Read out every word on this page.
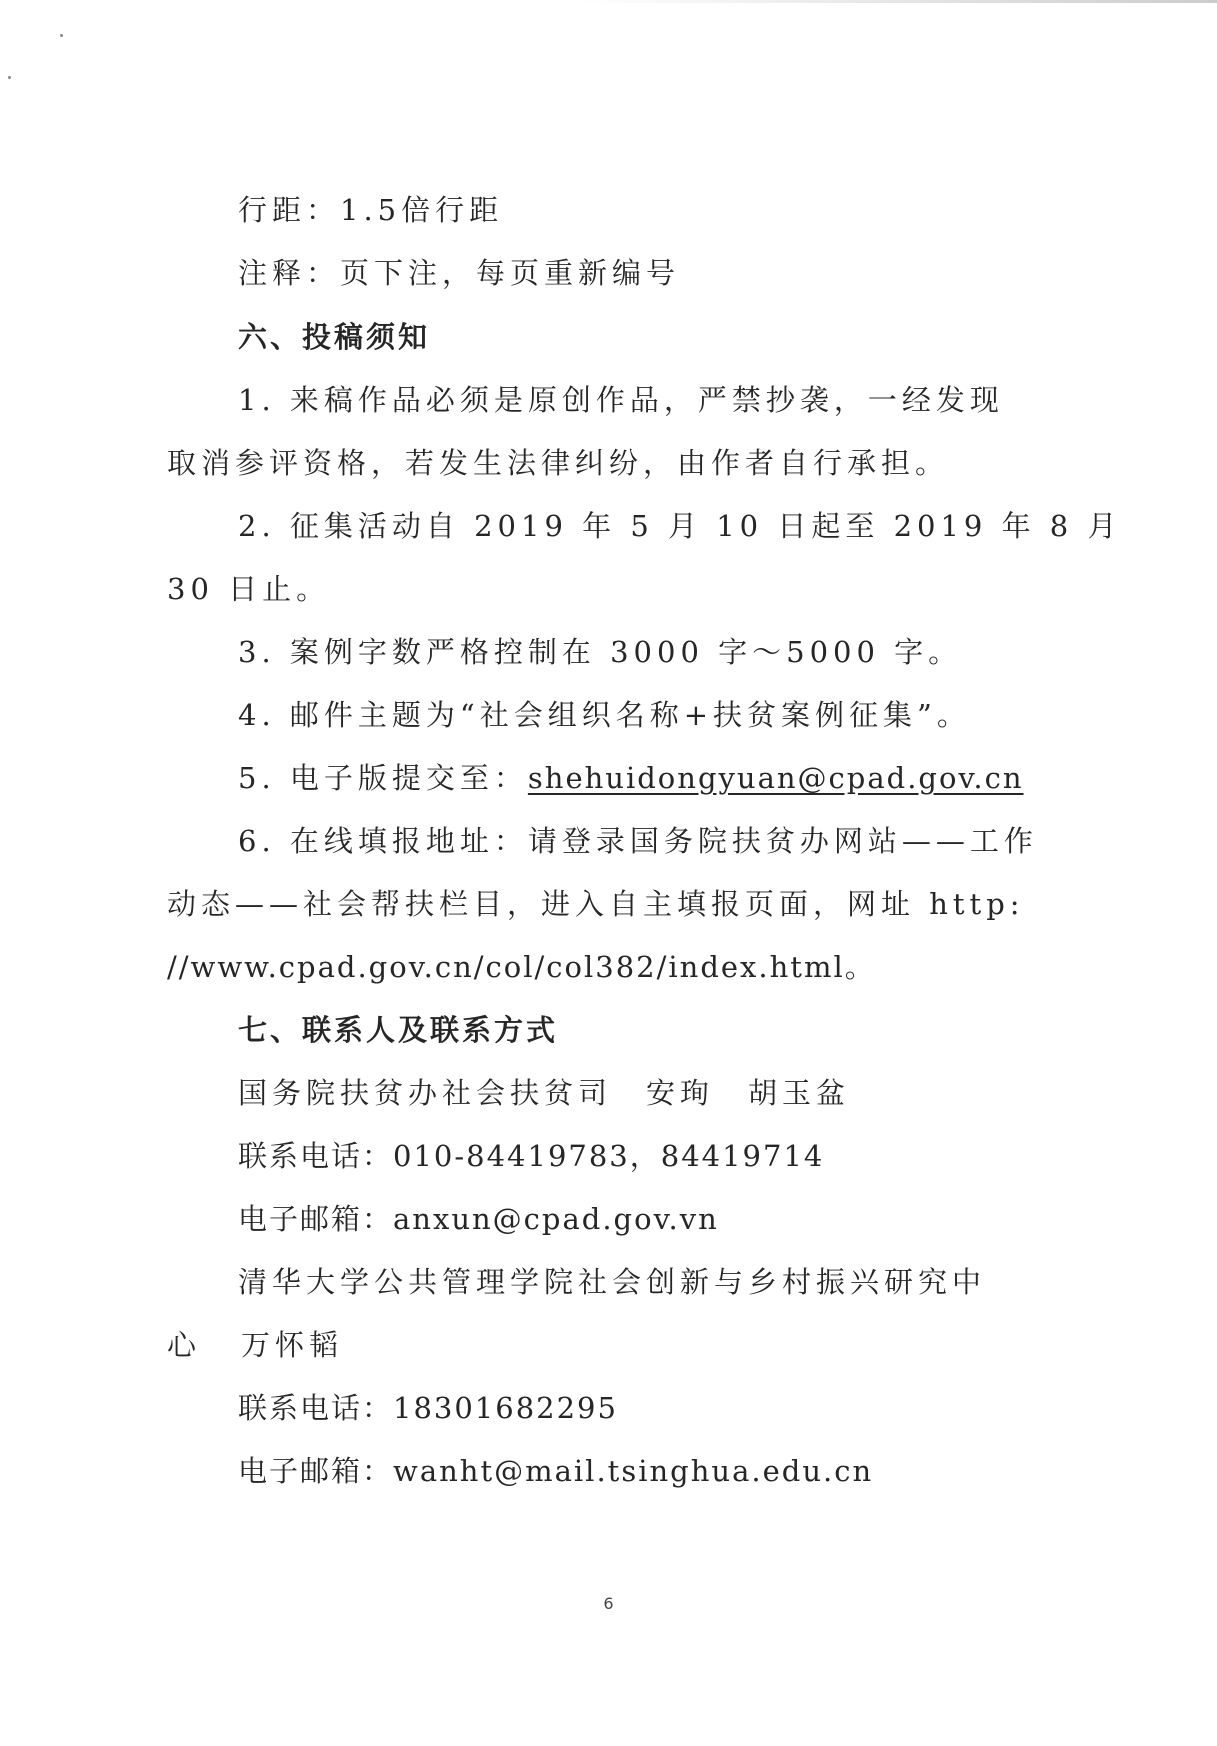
行距：1.5倍行距
注释：页下注，每页重新编号
六、投稿须知
1. 来稿作品必须是原创作品，严禁抄袭，一经发现
取消参评资格，若发生法律纠纷，由作者自行承担。
2. 征集活动自 2019 年 5 月 10 日起至 2019 年 8 月
30 日止。
3. 案例字数严格控制在 3000 字～5000 字。
4. 邮件主题为“社会组织名称+扶贫案例征集”。
5. 电子版提交至：shehuidongyuan@cpad.gov.cn
6. 在线填报地址：请登录国务院扶贫办网站——工作
动态——社会帮扶栏目，进入自主填报页面，网址 http:
//www.cpad.gov.cn/col/col382/index.html。
七、联系人及联系方式
国务院扶贫办社会扶贫司 安珣 胡玉盆
联系电话：010-84419783，84419714
电子邮箱：anxun@cpad.gov.vn
清华大学公共管理学院社会创新与乡村振兴研究中
心 万怀韬
联系电话：18301682295
电子邮箱：wanht@mail.tsinghua.edu.cn
6
